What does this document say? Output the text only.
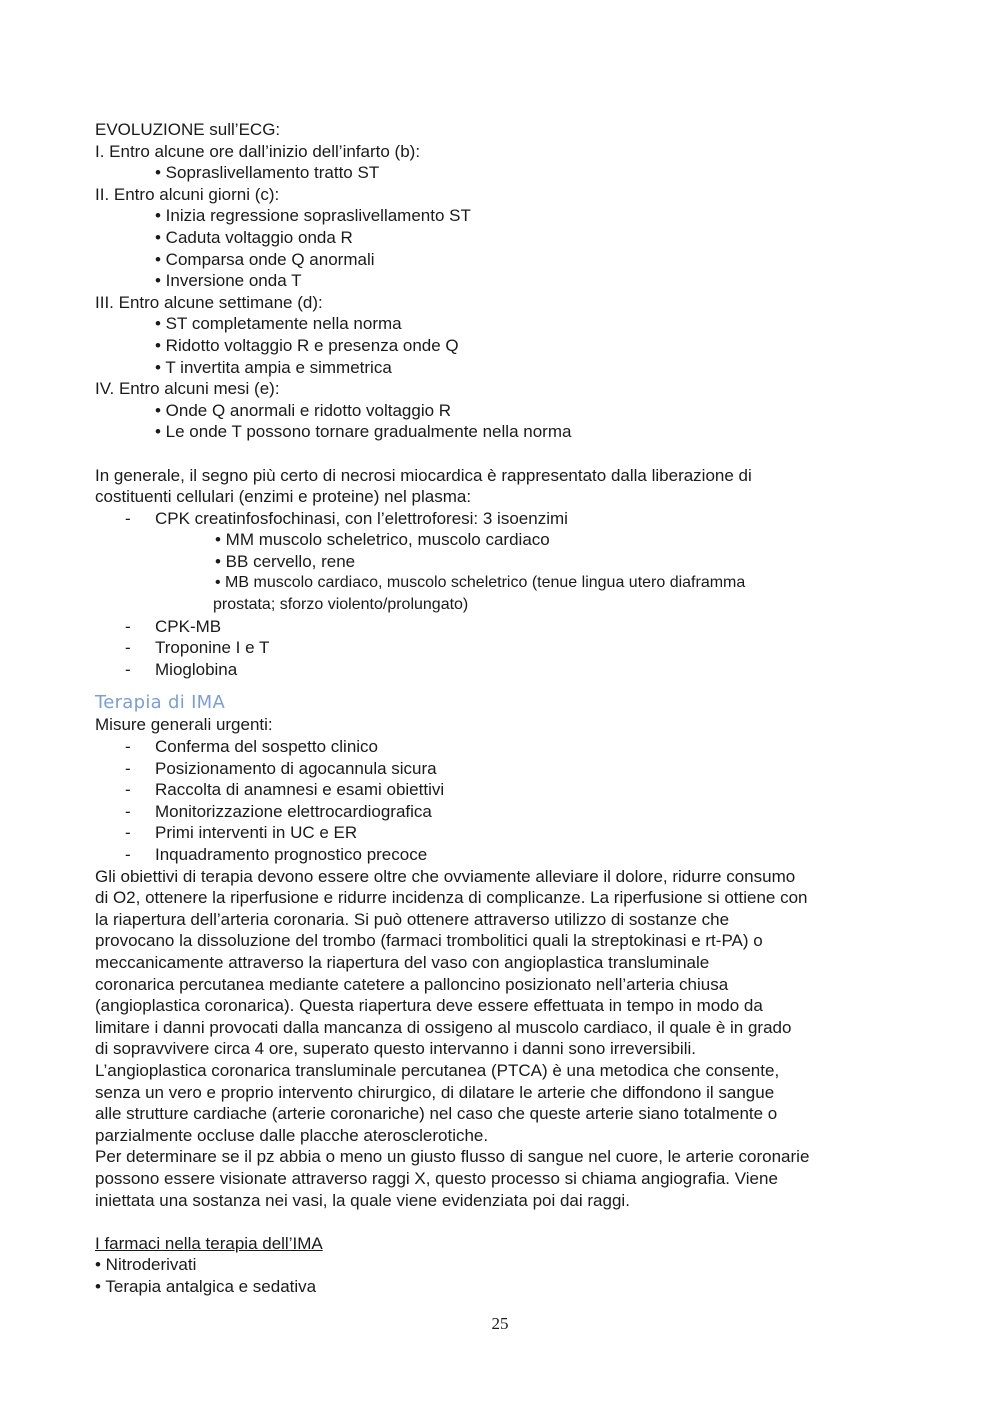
EVOLUZIONE sull’ECG:
I. Entro alcune ore dall’inizio dell’infarto (b):
• Sopraslivellamento tratto ST
II. Entro alcuni giorni (c):
• Inizia regressione sopraslivellamento ST
• Caduta voltaggio onda R
• Comparsa onde Q anormali
• Inversione onda T
III. Entro alcune settimane (d):
• ST completamente nella norma
• Ridotto voltaggio R e presenza onde Q
• T invertita ampia e simmetrica
IV. Entro alcuni mesi (e):
• Onde Q anormali e ridotto voltaggio R
• Le onde T possono tornare gradualmente nella norma
In generale, il segno più certo di necrosi miocardica è rappresentato dalla liberazione di
costituenti cellulari (enzimi e proteine) nel plasma:
- CPK creatinfosfochinasi, con l’elettroforesi: 3 isoenzimi
• MM muscolo scheletrico, muscolo cardiaco
• BB cervello, rene
• MB muscolo cardiaco, muscolo scheletrico (tenue lingua utero diaframma
prostata; sforzo violento/prolungato)
- CPK-MB
- Troponine I e T
- Mioglobina
Terapia di IMA
Misure generali urgenti:
- Conferma del sospetto clinico
- Posizionamento di agocannula sicura
- Raccolta di anamnesi e esami obiettivi
- Monitorizzazione elettrocardiografica
- Primi interventi in UC e ER
- Inquadramento prognostico precoce
Gli obiettivi di terapia devono essere oltre che ovviamente alleviare il dolore, ridurre consumo
di O2, ottenere la riperfusione e ridurre incidenza di complicanze. La riperfusione si ottiene con
la riapertura dell’arteria coronaria. Si può ottenere attraverso utilizzo di sostanze che
provocano la dissoluzione del trombo (farmaci trombolitici quali la streptokinasi e rt-PA) o
meccanicamente attraverso la riapertura del vaso con angioplastica transluminale
coronarica percutanea mediante catetere a palloncino posizionato nell’arteria chiusa
(angioplastica coronarica). Questa riapertura deve essere effettuata in tempo in modo da
limitare i danni provocati dalla mancanza di ossigeno al muscolo cardiaco, il quale è in grado
di sopravvivere circa 4 ore, superato questo intervanno i danni sono irreversibili.
L’angioplastica coronarica transluminale percutanea (PTCA) è una metodica che consente,
senza un vero e proprio intervento chirurgico, di dilatare le arterie che diffondono il sangue
alle strutture cardiache (arterie coronariche) nel caso che queste arterie siano totalmente o
parzialmente occluse dalle placche aterosclerotiche.
Per determinare se il pz abbia o meno un giusto flusso di sangue nel cuore, le arterie coronarie
possono essere visionate attraverso raggi X, questo processo si chiama angiografia. Viene
iniettata una sostanza nei vasi, la quale viene evidenziata poi dai raggi.
I farmaci nella terapia dell’IMA
• Nitroderivati
• Terapia antalgica e sedativa
25
